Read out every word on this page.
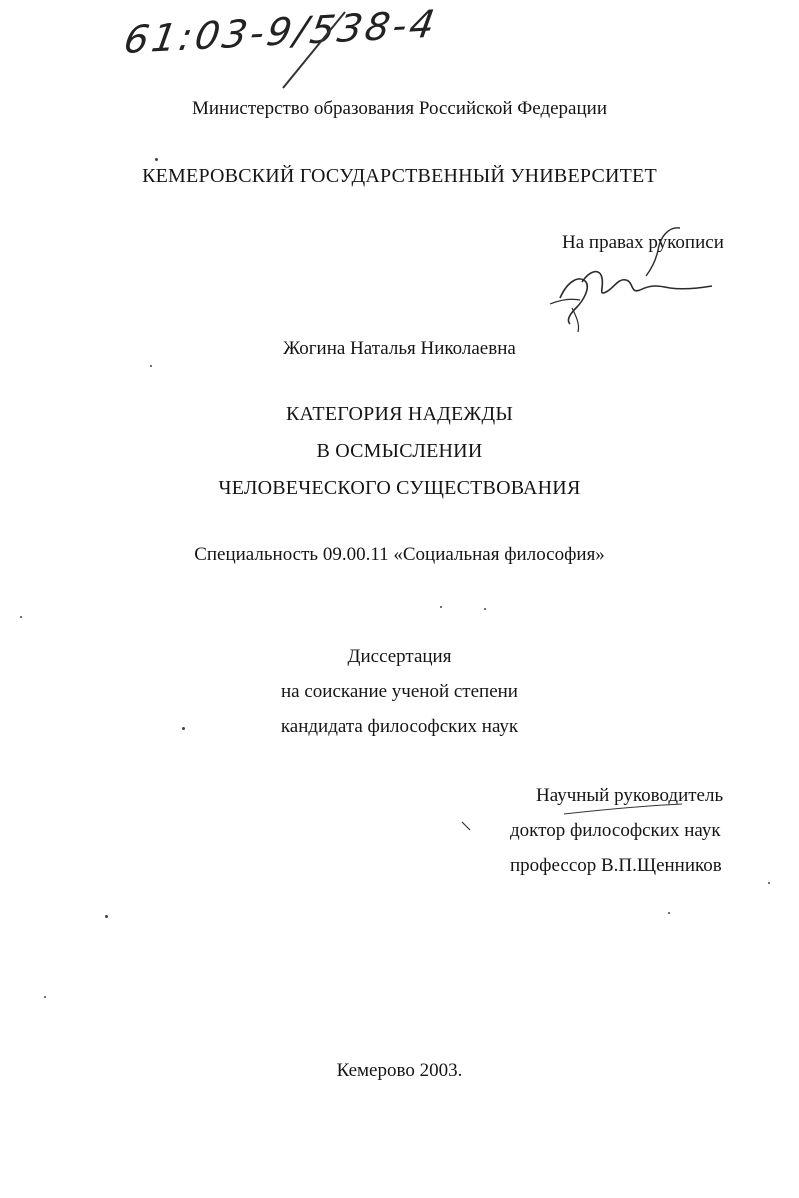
61:03-9/538-4
Министерство образования Российской Федерации
КЕМЕРОВСКИЙ ГОСУДАРСТВЕННЫЙ УНИВЕРСИТЕТ
На правах рукописи
Жогина Наталья Николаевна
КАТЕГОРИЯ НАДЕЖДЫ
В ОСМЫСЛЕНИИ
ЧЕЛОВЕЧЕСКОГО СУЩЕСТВОВАНИЯ
Специальность 09.00.11 «Социальная философия»
Диссертация
на соискание ученой степени
кандидата философских наук
Научный руководитель
доктор философских наук
профессор В.П.Щенников
Кемерово 2003.
